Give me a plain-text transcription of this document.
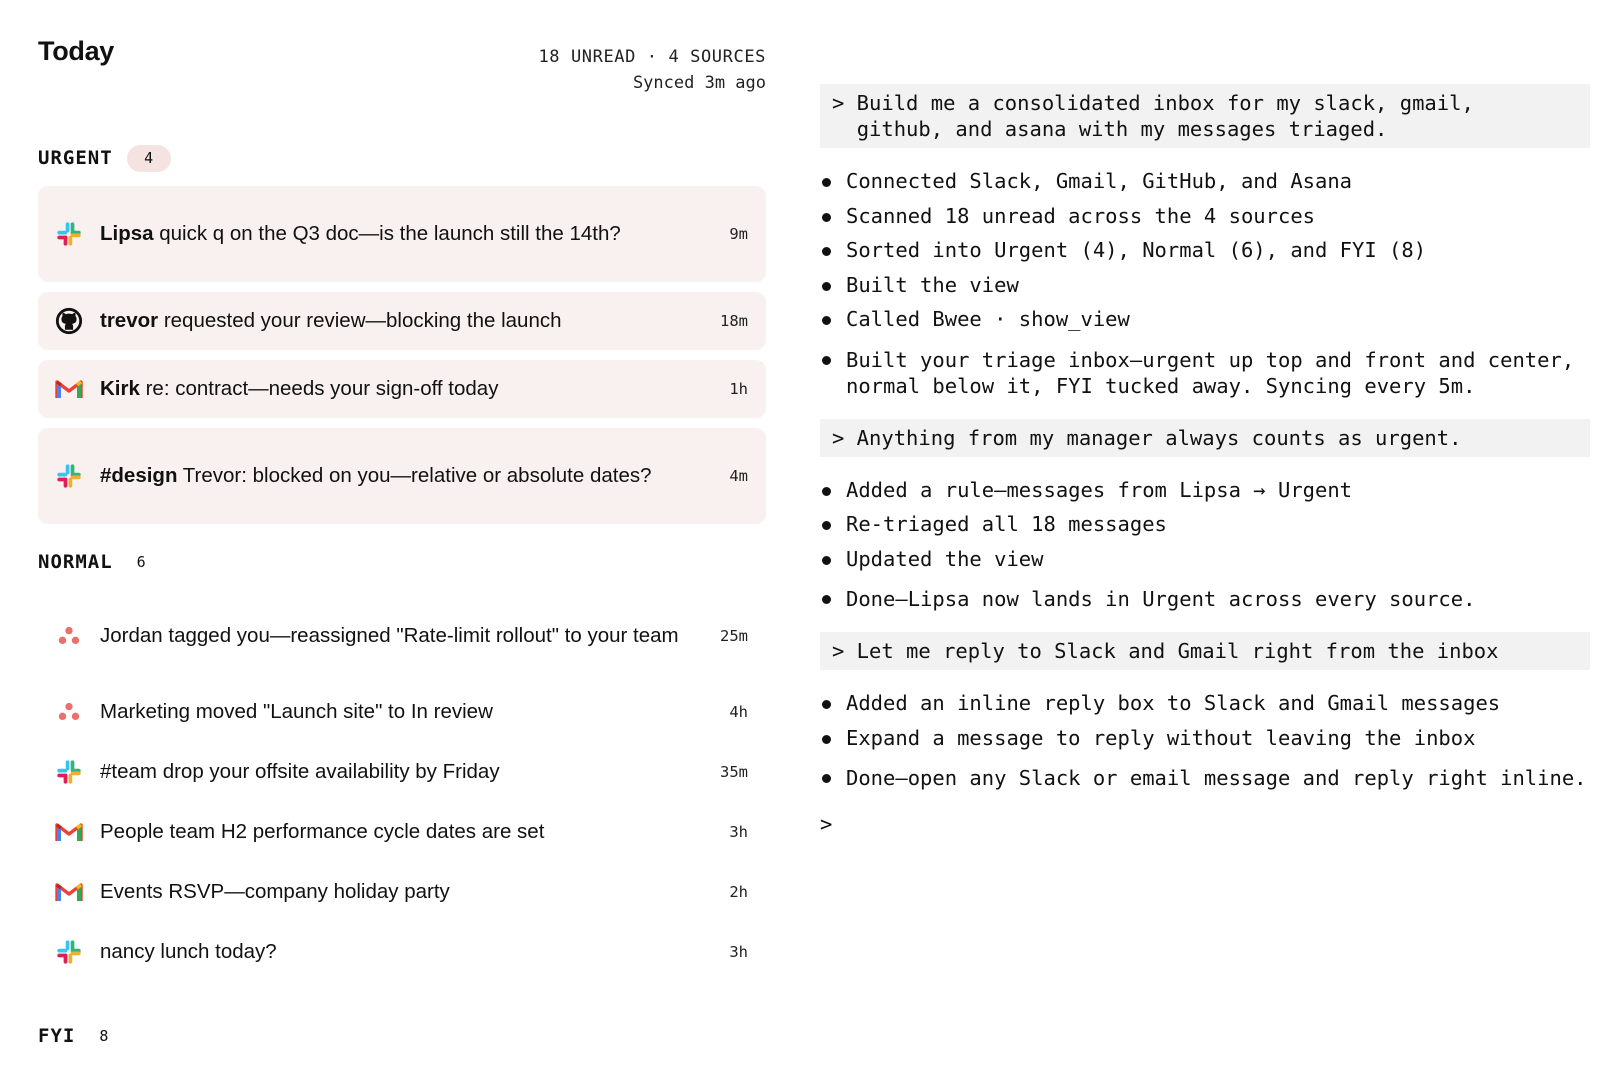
Today	18 UNREAD · 4 SOURCES
Synced 3m ago
URGENT	4
Lipsa quick q on the Q3 doc—is the launch still the 14th?	9m
trevor requested your review—blocking the launch	18m
Kirk re: contract—needs your sign-off today	1h
#design Trevor: blocked on you—relative or absolute dates?	4m
NORMAL 6
Jordan tagged you—reassigned "Rate-limit rollout" to your team	25m
Marketing moved "Launch site" to In review	4h
#team drop your offsite availability by Friday	35m
People team H2 performance cycle dates are set	3h
Events RSVP—company holiday party	2h
nancy lunch today?	3h
FYI 8
> Build me a consolidated inbox for my slack, gmail,
github, and asana with my messages triaged.
Connected Slack, Gmail, GitHub, and Asana
Scanned 18 unread across the 4 sources
Sorted into Urgent (4), Normal (6), and FYI (8)
Built the view
Called Bwee · show_view
Built your triage inbox—urgent up top and front and center, normal below it, FYI tucked away. Syncing every 5m.
> Anything from my manager always counts as urgent.
Added a rule—messages from Lipsa → Urgent
Re-triaged all 18 messages
Updated the view
Done—Lipsa now lands in Urgent across every source.
> Let me reply to Slack and Gmail right from the inbox
Added an inline reply box to Slack and Gmail messages
Expand a message to reply without leaving the inbox
Done—open any Slack or email message and reply right inline.
>
